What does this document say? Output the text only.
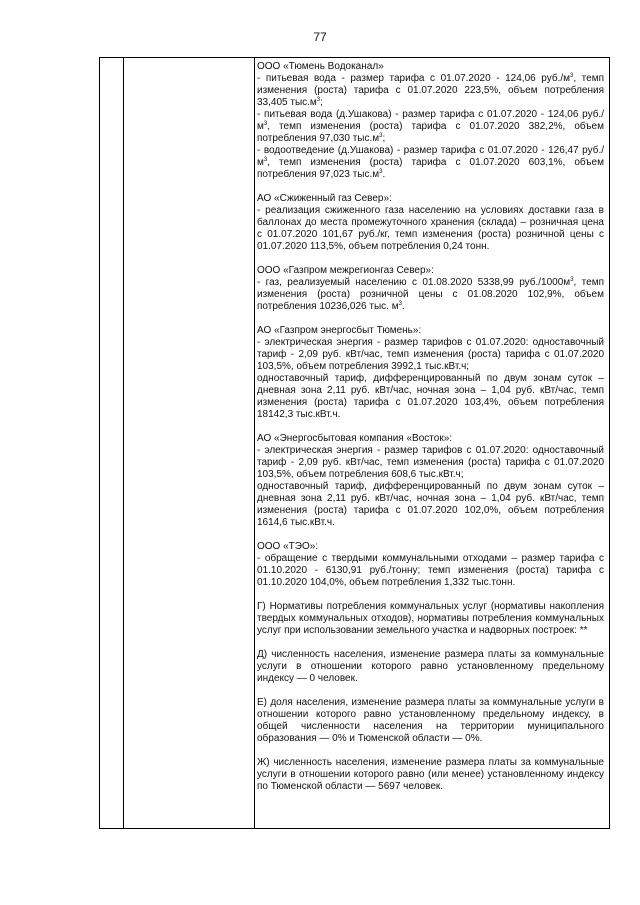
77
ООО «Тюмень Водоканал»
- питьевая вода - размер тарифа с 01.07.2020 - 124,06 $руб./м^3$, темп изменения (роста) тарифа с 01.07.2020 223,5%, объем потребления 33,405 $тыс.м^3$;
- питьевая вода (д.Ушакова) - размер тарифа с 01.07.2020 - 124,06 $руб./м^3$, темп изменения (роста) тарифа с 01.07.2020 382,2%, объем потребления 97,030 $тыс.м^3$;
- водоотведение (д.Ушакова) - размер тарифа с 01.07.2020 - 126,47 $руб./м^3$, темп изменения (роста) тарифа с 01.07.2020 603,1%, объем потребления 97,023 $тыс.м^3$.
АО «Сжиженный газ Север»:
- реализация сжиженного газа населению на условиях доставки газа в баллонах до места промежуточного хранения (склада) – розничная цена с 01.07.2020 101,67 руб./кг, темп изменения (роста) розничной цены с 01.07.2020 113,5%, объем потребления 0,24 тонн.
ООО «Газпром межрегионгаз Север»:
- газ, реализуемый населению с 01.08.2020 5338,99 $руб./1000м^3$, темп изменения (роста) розничной цены с 01.08.2020 102,9%, объем потребления 10236,026 тыс. $м^3$.
АО «Газпром энергосбыт Тюмень»:
- электрическая энергия - размер тарифов с 01.07.2020: одноставочный тариф - 2,09 руб. кВт/час, темп изменения (роста) тарифа с 01.07.2020 103,5%, объем потребления 3992,1 тыс.кВт.ч;
одноставочный тариф, дифференцированный по двум зонам суток – дневная зона 2,11 руб. кВт/час, ночная зона – 1,04 руб. кВт/час, темп изменения (роста) тарифа с 01.07.2020 103,4%, объем потребления 18142,3 тыс.кВт.ч.
АО «Энергосбытовая компания «Восток»:
- электрическая энергия - размер тарифов с 01.07.2020: одноставочный тариф - 2,09 руб. кВт/час, темп изменения (роста) тарифа с 01.07.2020 103,5%, объем потребления 608,6 тыс.кВт.ч;
одноставочный тариф, дифференцированный по двум зонам суток – дневная зона 2,11 руб. кВт/час, ночная зона – 1,04 руб. кВт/час, темп изменения (роста) тарифа с 01.07.2020 102,0%, объем потребления 1614,6 тыс.кВт.ч.
ООО «ТЭО»:
- обращение с твердыми коммунальными отходами – размер тарифа с 01.10.2020 - 6130,91 руб./тонну; темп изменения (роста) тарифа с 01.10.2020 104,0%, объем потребления 1,332 тыс.тонн.
Г) Нормативы потребления коммунальных услуг (нормативы накопления твердых коммунальных отходов), нормативы потребления коммунальных услуг при использовании земельного участка и надворных построек: **
Д) численность населения, изменение размера платы за коммунальные услуги в отношении которого равно установленному предельному индексу — 0 человек.
Е) доля населения, изменение размера платы за коммунальные услуги в отношении которого равно установленному предельному индексу, в общей численности населения на территории муниципального образования — 0% и Тюменской области — 0%.
Ж) численность населения, изменение размера платы за коммунальные услуги в отношении которого равно (или менее) установленному индексу по Тюменской области — 5697 человек.
